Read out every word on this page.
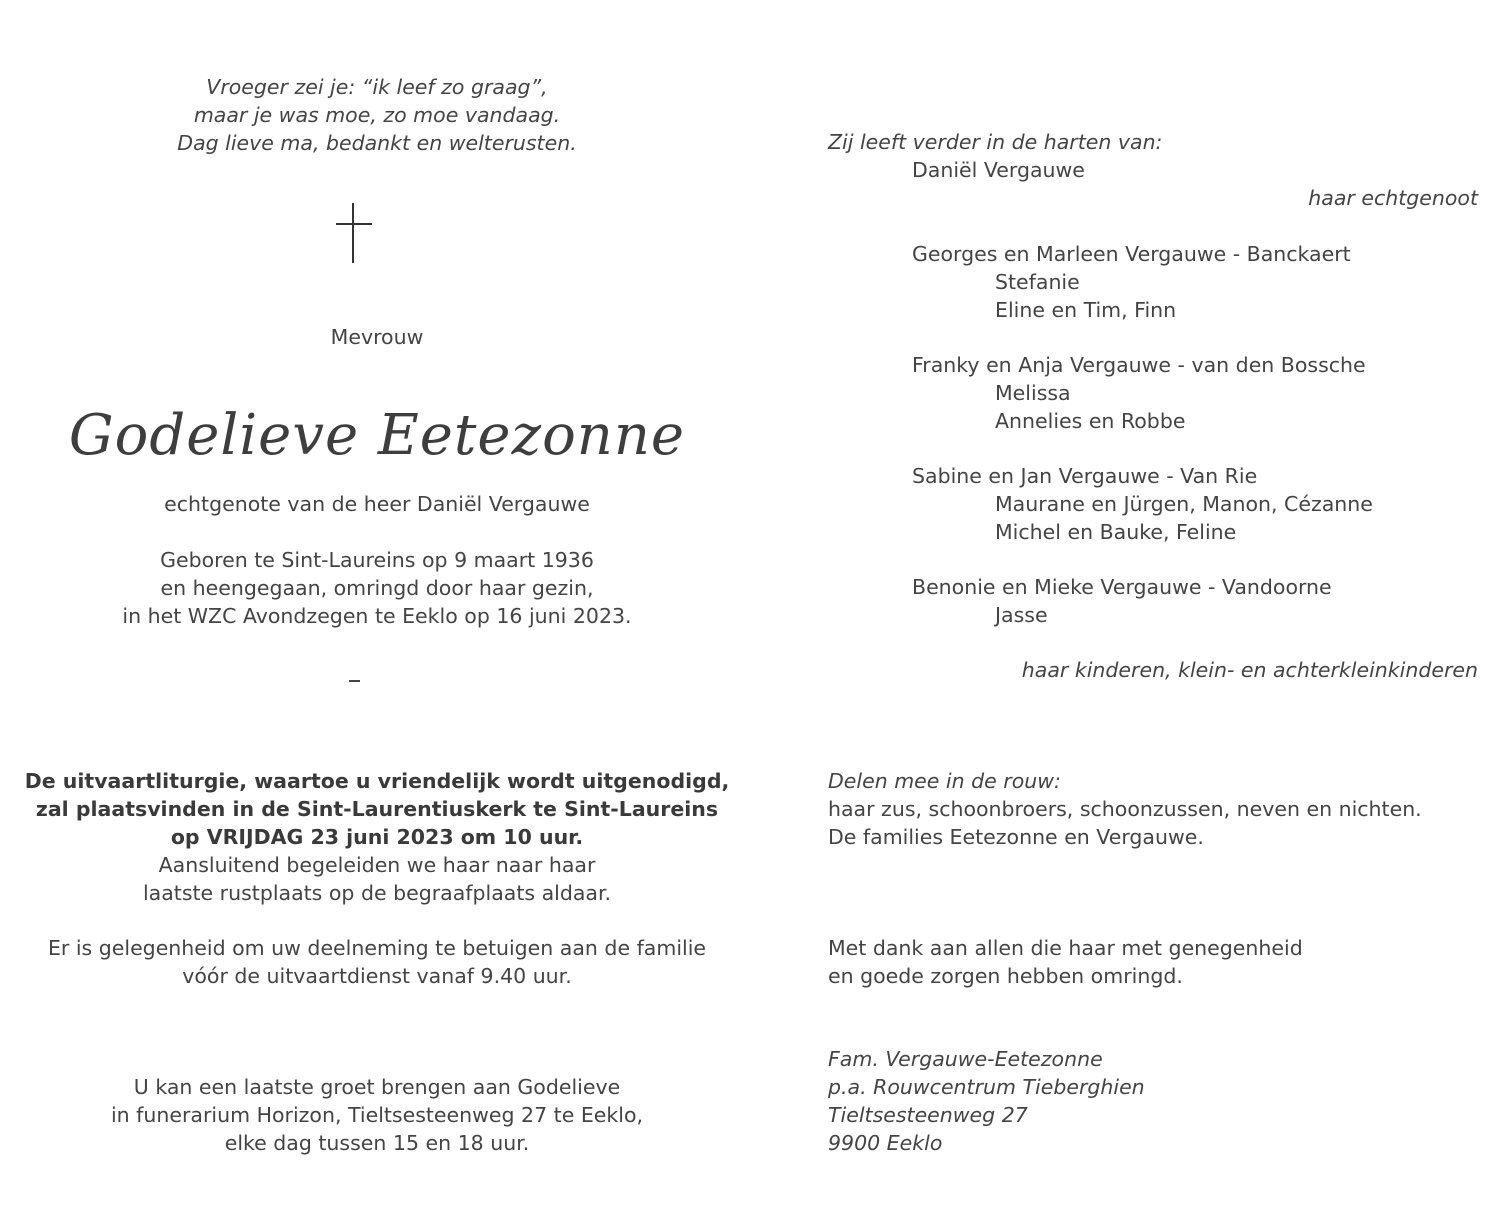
Vroeger zei je: “ik leef zo graag”,
maar je was moe, zo moe vandaag.
Dag lieve ma, bedankt en welterusten.
Mevrouw
Godelieve Eetezonne
echtgenote van de heer Daniël Vergauwe
Geboren te Sint-Laureins op 9 maart 1936
en heengegaan, omringd door haar gezin,
in het WZC Avondzegen te Eeklo op 16 juni 2023.
De uitvaartliturgie, waartoe u vriendelijk wordt uitgenodigd,
zal plaatsvinden in de Sint-Laurentiuskerk te Sint-Laureins
op VRIJDAG 23 juni 2023 om 10 uur.
Aansluitend begeleiden we haar naar haar
laatste rustplaats op de begraafplaats aldaar.
Er is gelegenheid om uw deelneming te betuigen aan de familie
vóór de uitvaartdienst vanaf 9.40 uur.
U kan een laatste groet brengen aan Godelieve
in funerarium Horizon, Tieltsesteenweg 27 te Eeklo,
elke dag tussen 15 en 18 uur.
Zij leeft verder in de harten van:
Daniël Vergauwe
haar echtgenoot
Georges en Marleen Vergauwe - Banckaert
Stefanie
Eline en Tim, Finn
Franky en Anja Vergauwe - van den Bossche
Melissa
Annelies en Robbe
Sabine en Jan Vergauwe - Van Rie
Maurane en Jürgen, Manon, Cézanne
Michel en Bauke, Feline
Benonie en Mieke Vergauwe - Vandoorne
Jasse
haar kinderen, klein- en achterkleinkinderen
Delen mee in de rouw:
haar zus, schoonbroers, schoonzussen, neven en nichten.
De families Eetezonne en Vergauwe.
Met dank aan allen die haar met genegenheid
en goede zorgen hebben omringd.
Fam. Vergauwe-Eetezonne
p.a. Rouwcentrum Tieberghien
Tieltsesteenweg 27
9900 Eeklo
